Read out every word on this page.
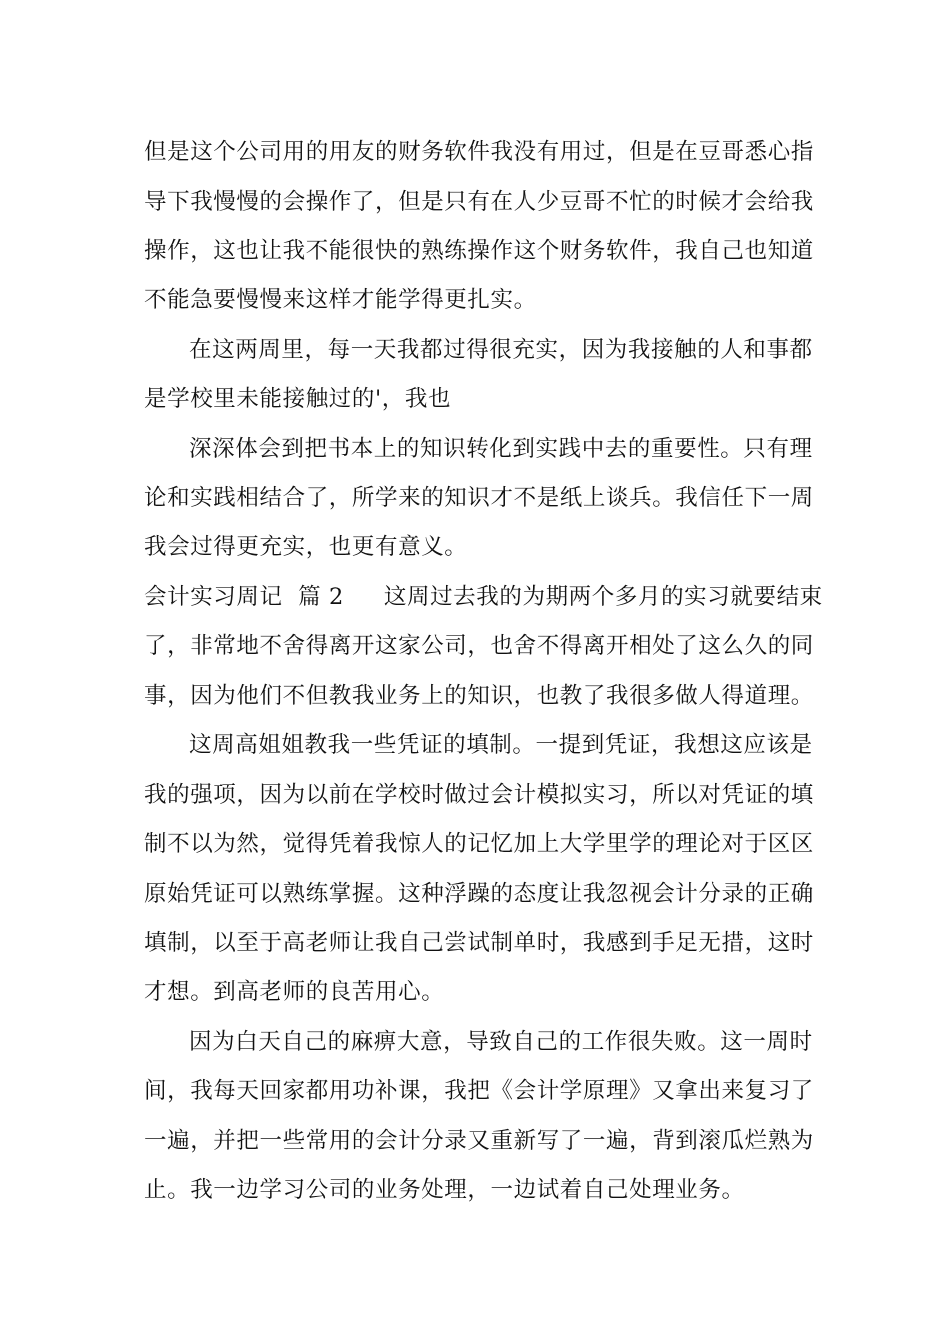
但是这个公司用的用友的财务软件我没有用过，但是在豆哥悉心指
导下我慢慢的会操作了，但是只有在人少豆哥不忙的时候才会给我
操作，这也让我不能很快的熟练操作这个财务软件，我自己也知道
不能急要慢慢来这样才能学得更扎实。
在这两周里，每一天我都过得很充实，因为我接触的人和事都
是学校里未能接触过的'，我也
深深体会到把书本上的知识转化到实践中去的重要性。只有理
论和实践相结合了，所学来的知识才不是纸上谈兵。我信任下一周
我会过得更充实，也更有意义。
会计实习周记  篇 2 这周过去我的为期两个多月的实习就要结束
了，非常地不舍得离开这家公司，也舍不得离开相处了这么久的同
事，因为他们不但教我业务上的知识，也教了我很多做人得道理。
这周高姐姐教我一些凭证的填制。一提到凭证，我想这应该是
我的强项，因为以前在学校时做过会计模拟实习，所以对凭证的填
制不以为然，觉得凭着我惊人的记忆加上大学里学的理论对于区区
原始凭证可以熟练掌握。这种浮躁的态度让我忽视会计分录的正确
填制，以至于高老师让我自己尝试制单时，我感到手足无措，这时
才想。到高老师的良苦用心。
因为白天自己的麻痹大意，导致自己的工作很失败。这一周时
间，我每天回家都用功补课，我把《会计学原理》又拿出来复习了
一遍，并把一些常用的会计分录又重新写了一遍，背到滚瓜烂熟为
止。我一边学习公司的业务处理，一边试着自己处理业务。
